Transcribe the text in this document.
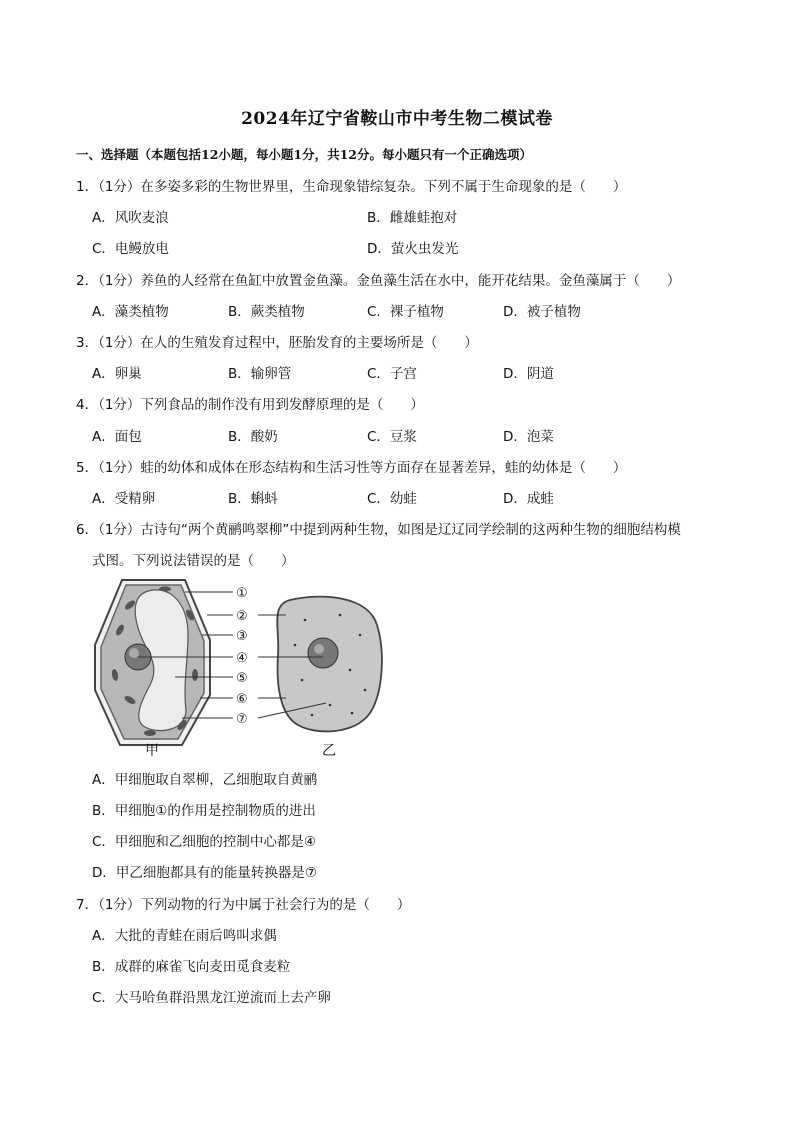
2024年辽宁省鞍山市中考生物二模试卷
一、选择题（本题包括12小题，每小题1分，共12分。每小题只有一个正确选项）
1．（1分）在多姿多彩的生物世界里，生命现象错综复杂。下列不属于生命现象的是（　　）
A．风吹麦浪	B．雌雄蛙抱对
C．电鳗放电	D．萤火虫发光
2．（1分）养鱼的人经常在鱼缸中放置金鱼藻。金鱼藻生活在水中，能开花结果。金鱼藻属于（　　）
A．藻类植物	B．蕨类植物	C．裸子植物	D．被子植物
3．（1分）在人的生殖发育过程中，胚胎发育的主要场所是（　　）
A．卵巢	B．输卵管	C．子宫	D．阴道
4．（1分）下列食品的制作没有用到发酵原理的是（　　）
A．面包	B．酸奶	C．豆浆	D．泡菜
5．（1分）蛙的幼体和成体在形态结构和生活习性等方面存在显著差异，蛙的幼体是（　　）
A．受精卵	B．蝌蚪	C．幼蛙	D．成蛙
6．（1分）古诗句“两个黄鹂鸣翠柳”中提到两种生物，如图是辽辽同学绘制的这两种生物的细胞结构模
式图。下列说法错误的是（　　）
①
②
③
④
⑤
⑥
⑦
甲	乙
A．甲细胞取自翠柳，乙细胞取自黄鹂
B．甲细胞①的作用是控制物质的进出
C．甲细胞和乙细胞的控制中心都是④
D．甲乙细胞都具有的能量转换器是⑦
7．（1分）下列动物的行为中属于社会行为的是（　　）
A．大批的青蛙在雨后鸣叫求偶
B．成群的麻雀飞向麦田觅食麦粒
C．大马哈鱼群沿黑龙江逆流而上去产卵
